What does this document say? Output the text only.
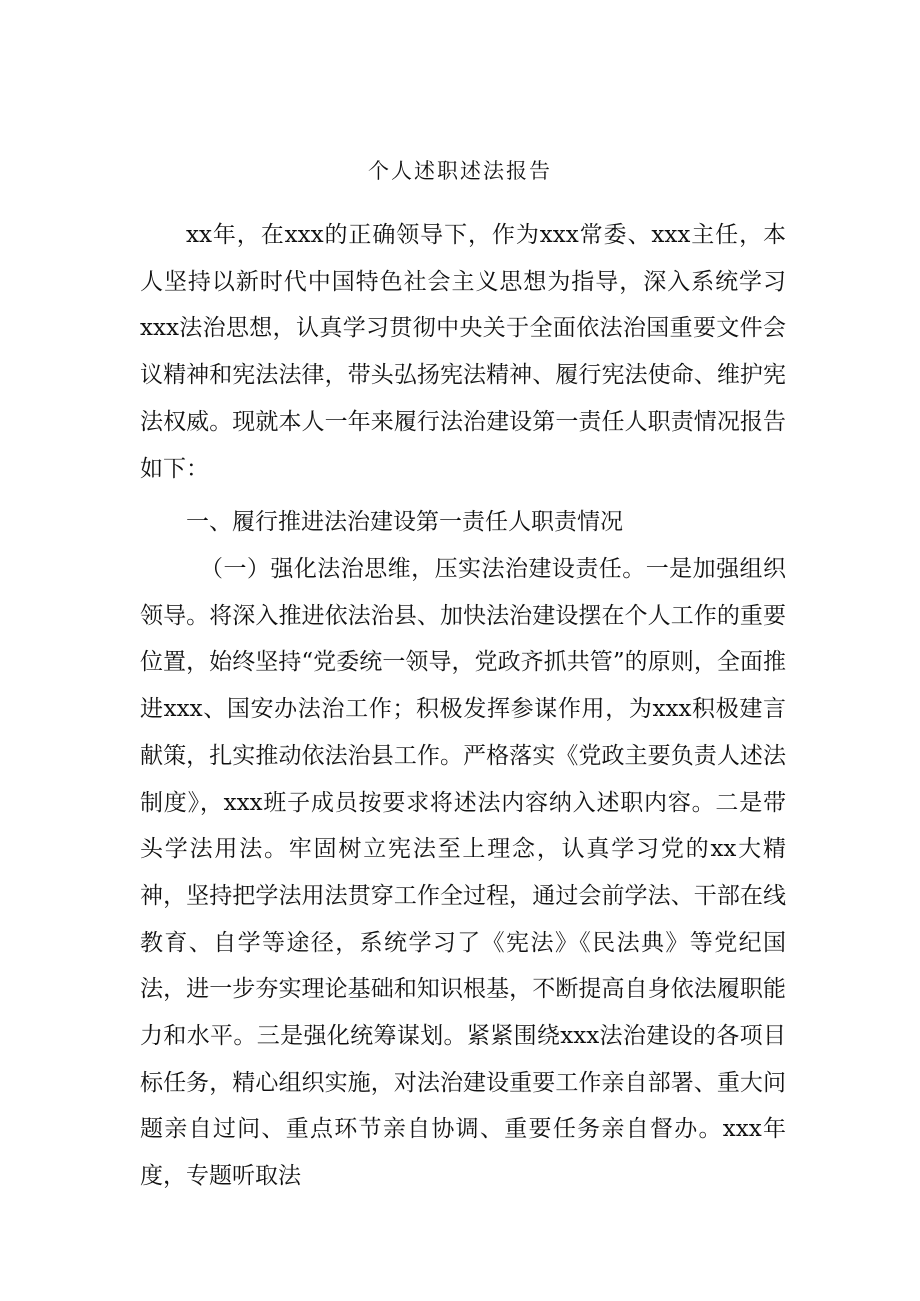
个人述职述法报告

xx年，在xxx的正确领导下，作为xxx常委、xxx主任，本人坚持以新时代中国特色社会主义思想为指导，深入系统学习xxx法治思想，认真学习贯彻中央关于全面依法治国重要文件会议精神和宪法法律，带头弘扬宪法精神、履行宪法使命、维护宪法权威。现就本人一年来履行法治建设第一责任人职责情况报告如下：

一、履行推进法治建设第一责任人职责情况

（一）强化法治思维，压实法治建设责任。一是加强组织领导。将深入推进依法治县、加快法治建设摆在个人工作的重要位置，始终坚持“党委统一领导，党政齐抓共管”的原则，全面推进xxx、国安办法治工作；积极发挥参谋作用，为xxx积极建言献策，扎实推动依法治县工作。严格落实《党政主要负责人述法制度》，xxx班子成员按要求将述法内容纳入述职内容。二是带头学法用法。牢固树立宪法至上理念，认真学习党的xx大精神，坚持把学法用法贯穿工作全过程，通过会前学法、干部在线教育、自学等途径，系统学习了《宪法》《民法典》等党纪国法，进一步夯实理论基础和知识根基，不断提高自身依法履职能力和水平。三是强化统筹谋划。紧紧围绕xxx法治建设的各项目标任务，精心组织实施，对法治建设重要工作亲自部署、重大问题亲自过问、重点环节亲自协调、重要任务亲自督办。xxx年度，专题听取法
